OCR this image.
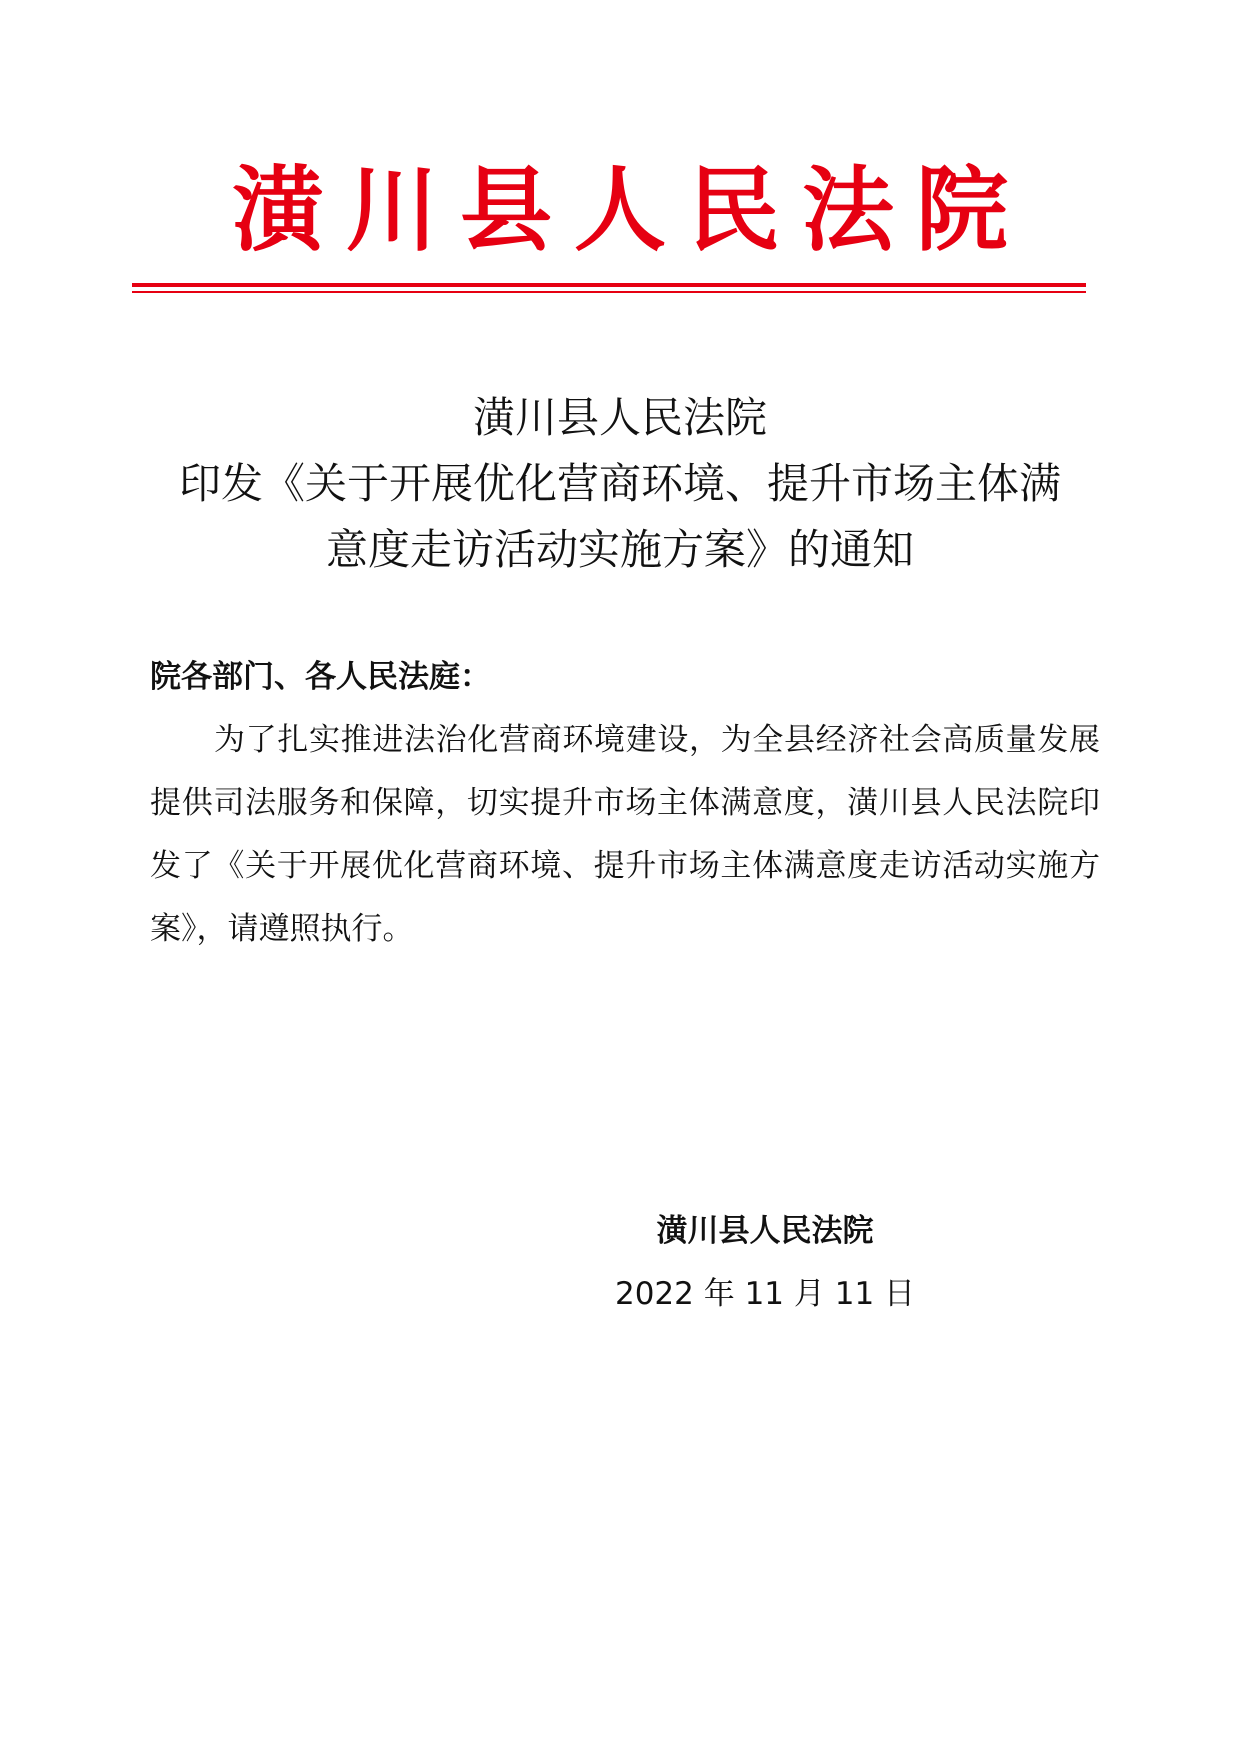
潢川县人民法院
潢川县人民法院
印发《关于开展优化营商环境、提升市场主体满
意度走访活动实施方案》的通知
院各部门、各人民法庭：
为了扎实推进法治化营商环境建设，为全县经济社会高质量发展提供司法服务和保障，切实提升市场主体满意度，潢川县人民法院印发了《关于开展优化营商环境、提升市场主体满意度走访活动实施方案》，请遵照执行。
潢川县人民法院
2022 年 11 月 11 日
